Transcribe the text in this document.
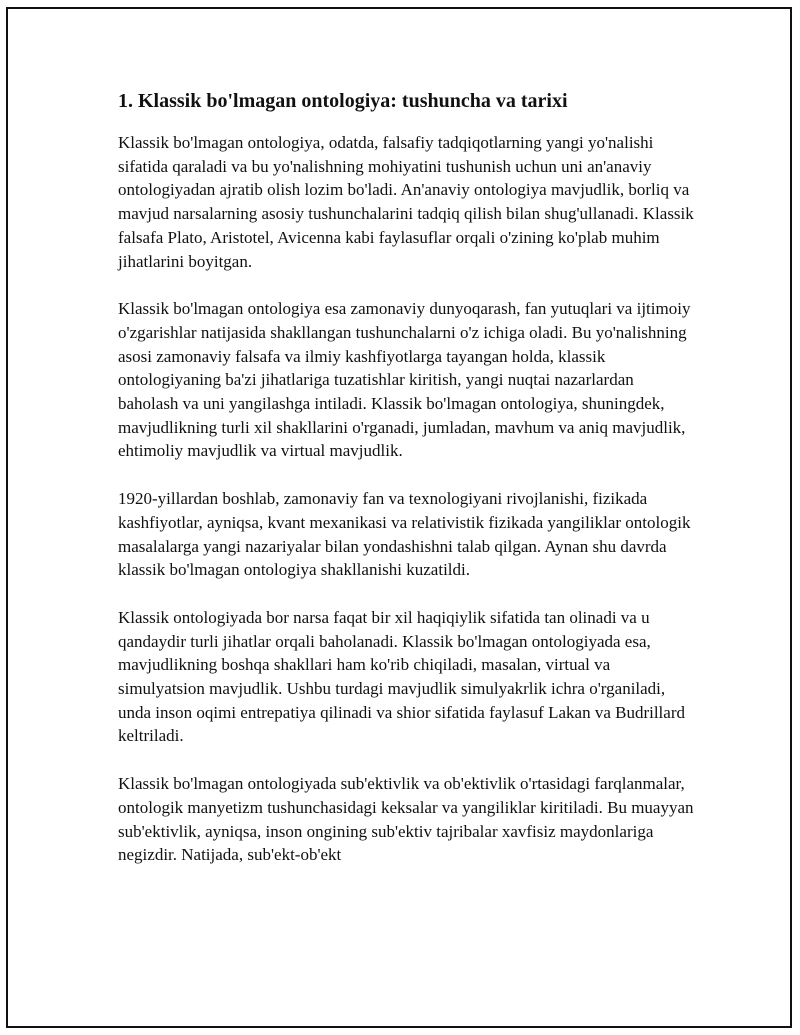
1. Klassik bo'lmagan ontologiya: tushuncha va tarixi

Klassik bo'lmagan ontologiya, odatda, falsafiy tadqiqotlarning yangi yo'nalishi sifatida qaraladi va bu yo'nalishning mohiyatini tushunish uchun uni an'anaviy ontologiyadan ajratib olish lozim bo'ladi. An'anaviy ontologiya mavjudlik, borliq va mavjud narsalarning asosiy tushunchalarini tadqiq qilish bilan shug'ullanadi. Klassik falsafa Plato, Aristotel, Avicenna kabi faylasuflar orqali o'zining ko'plab muhim jihatlarini boyitgan.

Klassik bo'lmagan ontologiya esa zamonaviy dunyoqarash, fan yutuqlari va ijtimoiy o'zgarishlar natijasida shakllangan tushunchalarni o'z ichiga oladi. Bu yo'nalishning asosi zamonaviy falsafa va ilmiy kashfiyotlarga tayangan holda, klassik ontologiyaning ba'zi jihatlariga tuzatishlar kiritish, yangi nuqtai nazarlardan baholash va uni yangilashga intiladi. Klassik bo'lmagan ontologiya, shuningdek, mavjudlikning turli xil shakllarini o'rganadi, jumladan, mavhum va aniq mavjudlik, ehtimoliy mavjudlik va virtual mavjudlik.

1920-yillardan boshlab, zamonaviy fan va texnologiyani rivojlanishi, fizikada kashfiyotlar, ayniqsa, kvant mexanikasi va relativistik fizikada yangiliklar ontologik masalalarga yangi nazariyalar bilan yondashishni talab qilgan. Aynan shu davrda klassik bo'lmagan ontologiya shakllanishi kuzatildi.

Klassik ontologiyada bor narsa faqat bir xil haqiqiylik sifatida tan olinadi va u qandaydir turli jihatlar orqali baholanadi. Klassik bo'lmagan ontologiyada esa, mavjudlikning boshqa shakllari ham ko'rib chiqiladi, masalan, virtual va simulyatsion mavjudlik. Ushbu turdagi mavjudlik simulyakrlik ichra o'rganiladi, unda inson oqimi entrepatiya qilinadi va shior sifatida faylasuf Lakan va Budrillard keltriladi.

Klassik bo'lmagan ontologiyada sub'ektivlik va ob'ektivlik o'rtasidagi farqlanmalar, ontologik manyetizm tushunchasidagi keksalar va yangiliklar kiritiladi. Bu muayyan sub'ektivlik, ayniqsa, inson ongining sub'ektiv tajribalar xavfisiz maydonlariga negizdir. Natijada, sub'ekt-ob'ekt
